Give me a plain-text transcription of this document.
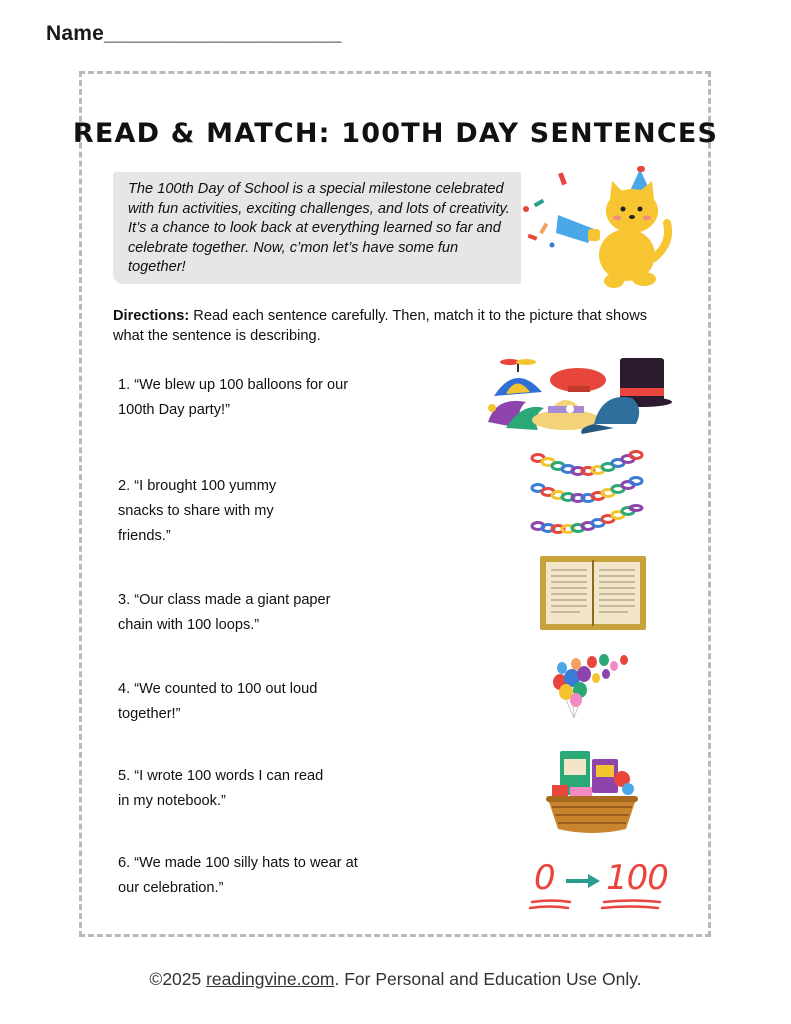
Name____________________
READ & MATCH: 100TH DAY SENTENCES
The 100th Day of School is a special milestone celebrated with fun activities, exciting challenges, and lots of creativity. It’s a chance to look back at everything learned so far and celebrate together. Now, c’mon let’s have some fun together!
Directions: Read each sentence carefully. Then, match it to the picture that shows what the sentence is describing.
1. “We blew up 100 balloons for our 100th Day party!”
2. “I brought 100 yummy snacks to share with my friends.”
3. “Our class made a giant paper chain with 100 loops.”
4. “We counted to 100 out loud together!”
5. “I wrote 100 words I can read in my notebook.”
6. “We made 100 silly hats to wear at our celebration.”	0 100
©2025 readingvine.com. For Personal and Education Use Only.
